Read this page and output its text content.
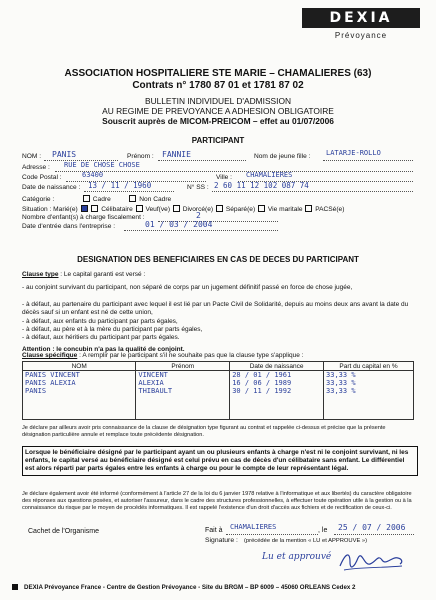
DEXIA
Prévoyance
ASSOCIATION HOSPITALIERE STE MARIE – CHAMALIERES (63)
Contrats n° 1780 87 01 et 1781 87 02
BULLETIN INDIVIDUEL D'ADMISSION
AU REGIME DE PREVOYANCE A ADHESION OBLIGATOIRE
Souscrit auprès de MICOM-PREICOM – effet au 01/07/2006
PARTICIPANT
NOM : PANIS	Prénom : FANNIE	Nom de jeune fille : LATARJE-ROLLO
Adresse : RUE DE CHOSE CHOSE
Code Postal :	63400	Ville : CHAMALIERES
Date de naissance : 13 / 11 / 1960	N° SS : 2 60 11 12 102 087 74
Catégorie :	Cadre	Non Cadre
Situation : Marié(e)	Célibataire Veuf(ve) Divorcé(e) Séparé(e) Vie maritale PACSé(e)
Nombre d'enfant(s) à charge fiscalement :	2
Date d'entrée dans l'entreprise :	01 / 03 / 2004
DESIGNATION DES BENEFICIAIRES EN CAS DE DECES DU PARTICIPANT
Clause type : Le capital garanti est versé :
- au conjoint survivant du participant, non séparé de corps par un jugement définitif passé en force de chose jugée,
- à défaut, au partenaire du participant avec lequel il est lié par un Pacte Civil de Solidarité, depuis au moins deux ans avant la date du décès sauf si un enfant est né de cette union,
- à défaut, aux enfants du participant par parts égales,
- à défaut, au père et à la mère du participant par parts égales,
- à défaut, aux héritiers du participant par parts égales.
Attention : le concubin n'a pas la qualité de conjoint.
Clause spécifique : A remplir par le participant s'il ne souhaite pas que la clause type s'applique :
NOM	Prénom	Date de naissance	Part du capital en %
PANIS VINCENT	VINCENT	28 / 01 / 1961	33,33 %
PANIS ALEXIA	ALEXIA	16 / 06 / 1989	33,33 %
PANIS	THIBAULT	30 / 11 / 1992	33,33 %

Je déclare par ailleurs avoir pris connaissance de la clause de désignation type figurant au contrat et rappelée ci-dessus et précise que la présente désignation particulière annule et remplace toute précédente désignation.
Lorsque le bénéficiaire désigné par le participant ayant un ou plusieurs enfants à charge n'est ni le conjoint survivant, ni les enfants, le capital versé au bénéficiaire désigné est celui prévu en cas de décès d'un célibataire sans enfant. Le différentiel est alors réparti par parts égales entre les enfants à charge ou pour le compte de leur représentant légal.
Je déclare également avoir été informé (conformément à l'article 27 de la loi du 6 janvier 1978 relative à l'informatique et aux libertés) du caractère obligatoire des réponses aux questions posées, et autoriser l'assureur, dans le cadre des structures professionnelles, à effectuer toute opération utile à la gestion ou à la connaissance du risque par le moyen de procédés informatiques. Il est rappelé l'existence d'un droit d'accès aux fichiers et de rectification de ceux-ci.
Cachet de l'Organisme	Fait à CHAMALIERES	, le 25 / 07 / 2006
Signature : (précédée de la mention « LU et APPROUVE »)
Lu et approuvé
DEXIA Prévoyance France - Centre de Gestion Prévoyance - Site du BRGM – BP 6009 – 45060 ORLEANS Cedex 2
